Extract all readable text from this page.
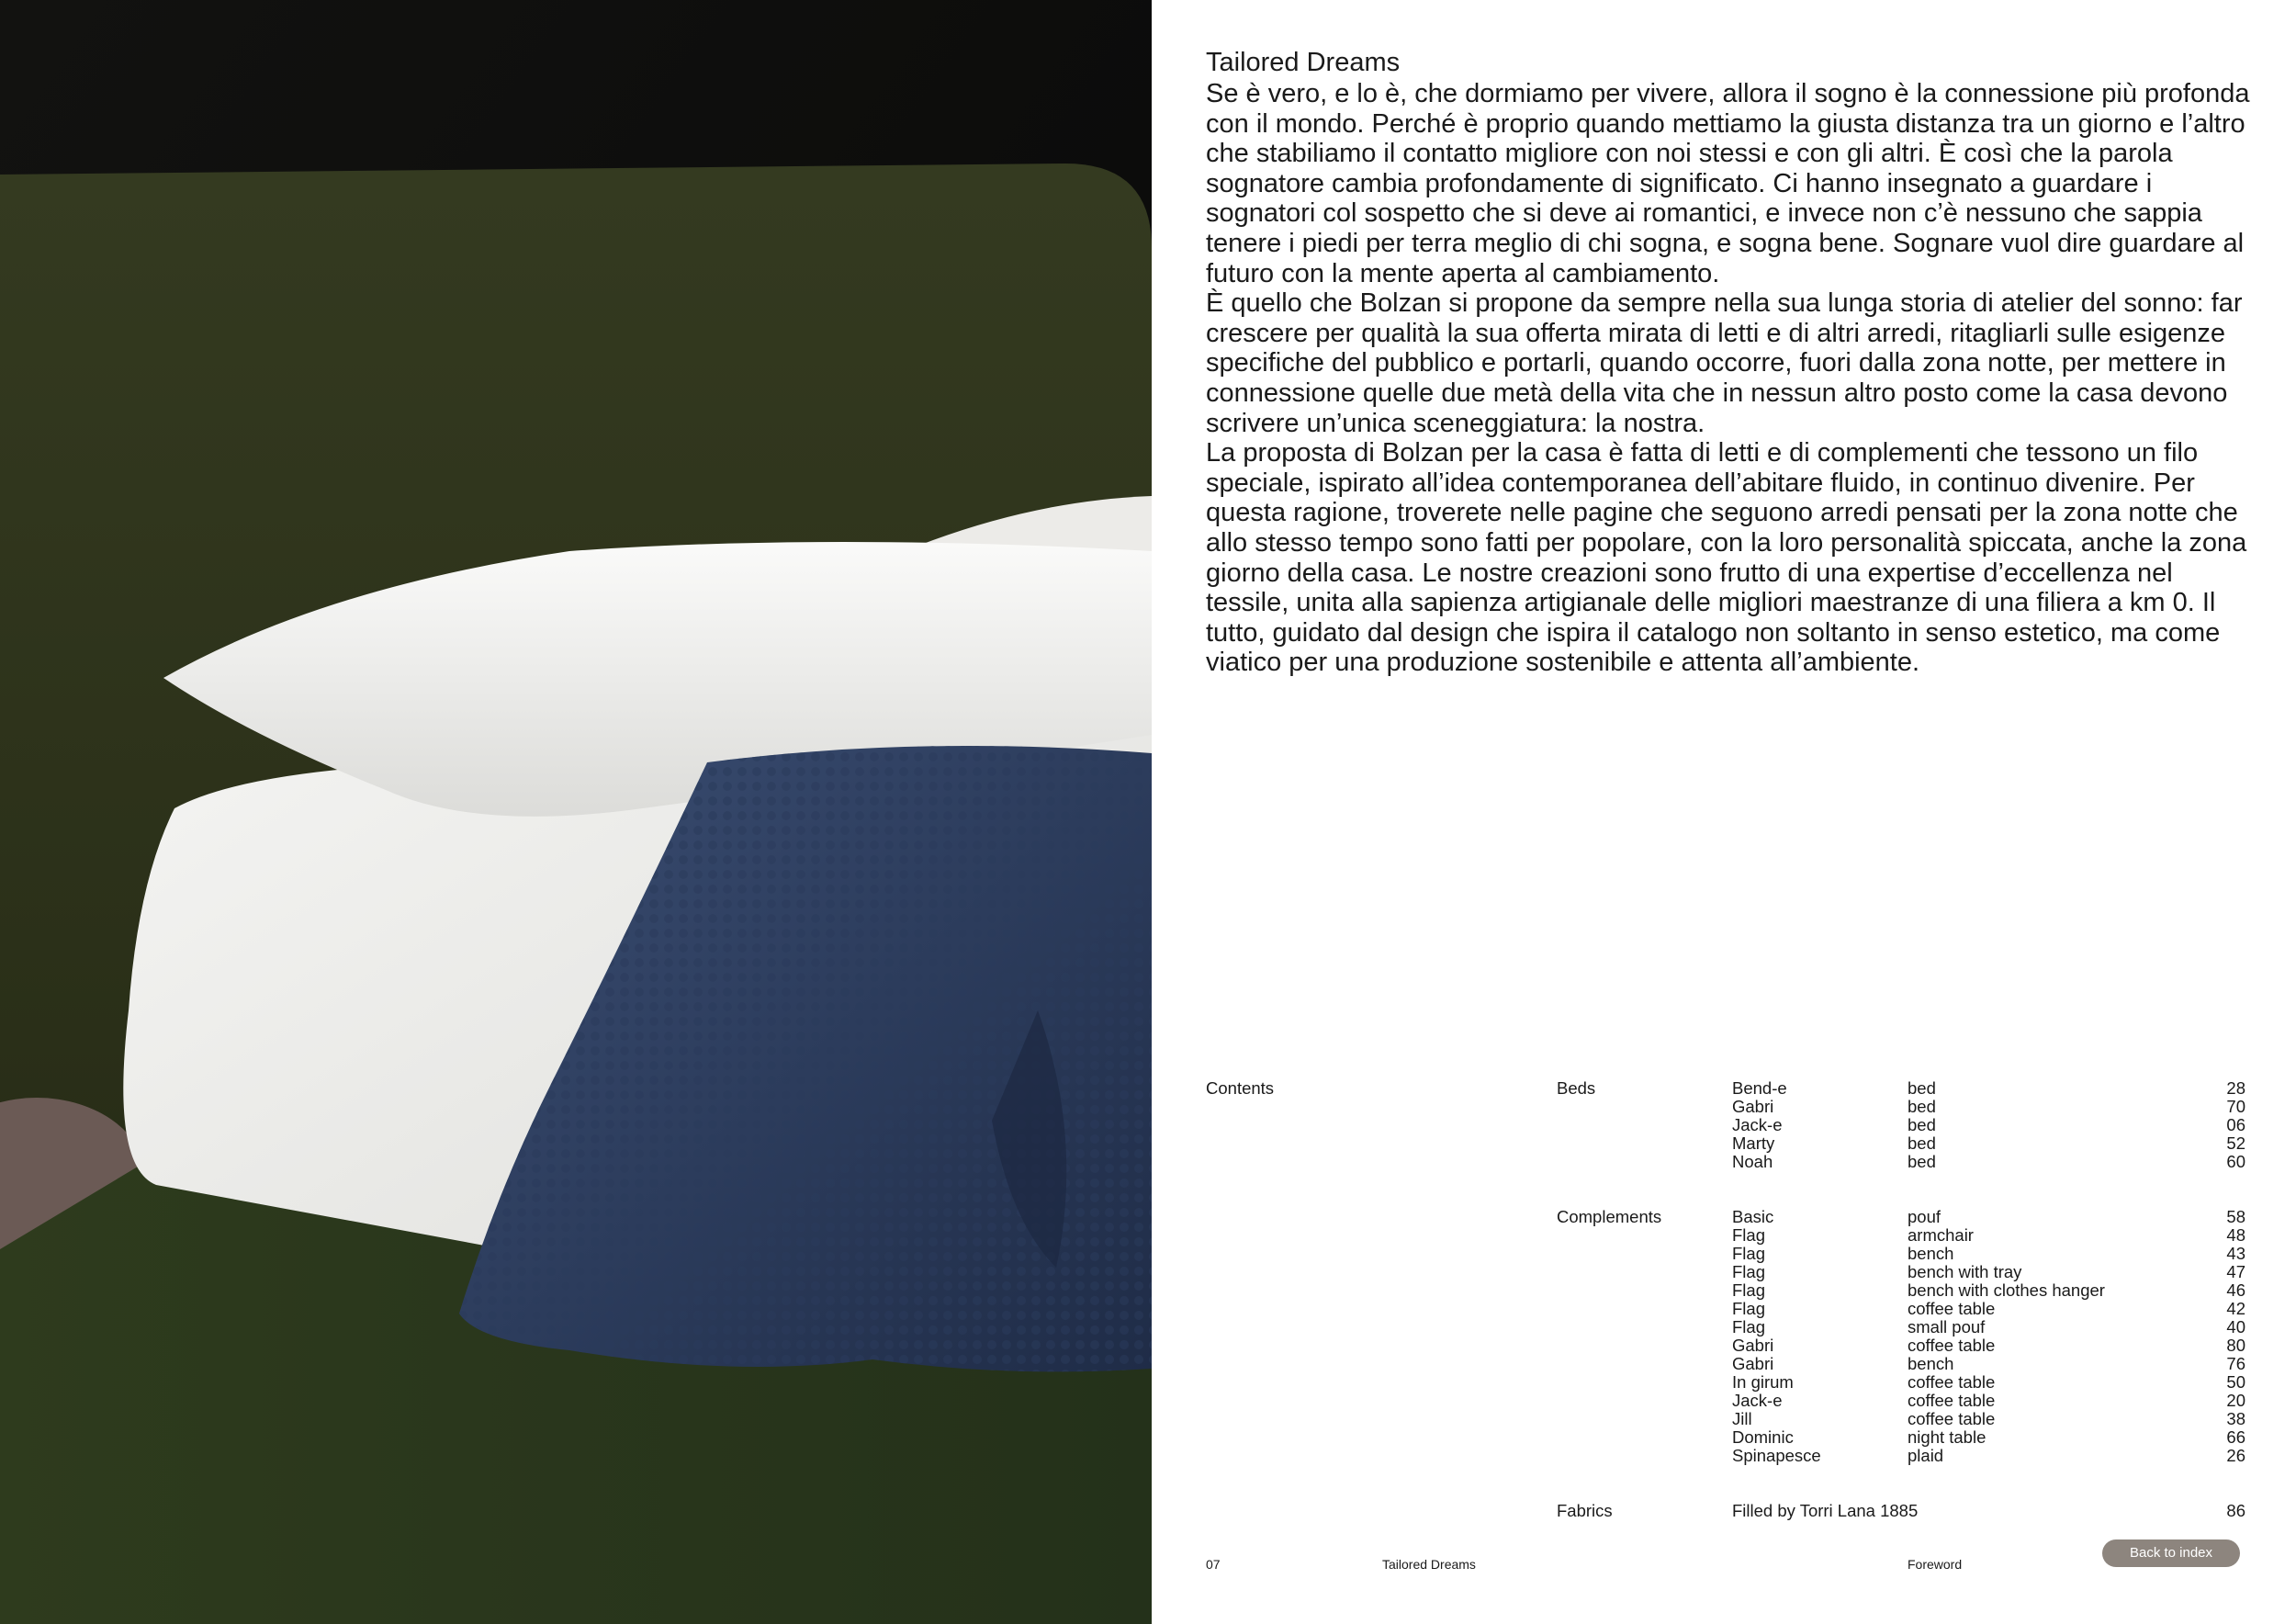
Tailored Dreams

Se è vero, e lo è, che dormiamo per vivere, allora il sogno è la connessione più profonda con il mondo. Perché è proprio quando mettiamo la giusta distanza tra un giorno e l’altro che stabiliamo il contatto migliore con noi stessi e con gli altri. È così che la parola sognatore cambia profondamente di significato. Ci hanno insegnato a guardare i sognatori col sospetto che si deve ai romantici, e invece non c’è nessuno che sappia tenere i piedi per terra meglio di chi sogna, e sogna bene. Sognare vuol dire guardare al futuro con la mente aperta al cambiamento.

È quello che Bolzan si propone da sempre nella sua lunga storia di atelier del sonno: far crescere per qualità la sua offerta mirata di letti e di altri arredi, ritagliarli sulle esigenze specifiche del pubblico e portarli, quando occorre, fuori dalla zona notte, per mettere in connessione quelle due metà della vita che in nessun altro posto come la casa devono scrivere un’unica sceneggiatura: la nostra.

La proposta di Bolzan per la casa è fatta di letti e di complementi che tessono un filo speciale, ispirato all’idea contemporanea dell’abitare fluido, in continuo divenire. Per questa ragione, troverete nelle pagine che seguono arredi pensati per la zona notte che allo stesso tempo sono fatti per popolare, con la loro personalità spiccata, anche la zona giorno della casa. Le nostre creazioni sono frutto di una expertise d’eccellenza nel tessile, unita alla sapienza artigianale delle migliori maestranze di una filiera a km 0. Il tutto, guidato dal design che ispira il catalogo non soltanto in senso estetico, ma come viatico per una produzione sostenibile e attenta all’ambiente.

Contents	Beds	Bend-e	bed	28
Gabri	bed	70
Jack-e	bed	06
Marty	bed	52
Noah	bed	60
Complements	Basic	pouf	58
Flag	armchair	48
Flag	bench	43
Flag	bench with tray	47
Flag	bench with clothes hanger	46
Flag	coffee table	42
Flag	small pouf	40
Gabri	coffee table	80
Gabri	bench	76
In girum	coffee table	50
Jack-e	coffee table	20
Jill	coffee table	38
Dominic	night table	66
Spinapesce	plaid	26
Fabrics	Filled by Torri Lana 1885	86
07	Tailored Dreams	Foreword
Back to index
